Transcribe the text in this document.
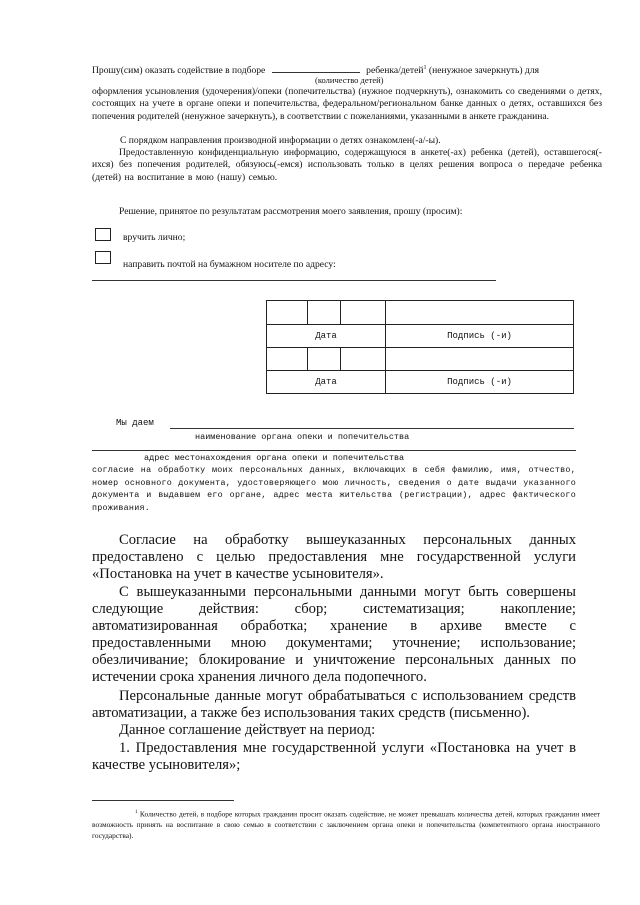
Прошу(сим) оказать содействие в подборе	ребенка/детей$^1$ (ненужное зачеркнуть) для
(количество детей)
оформления усыновления (удочерения)/опеки (попечительства) (нужное подчеркнуть), ознакомить со сведениями о детях, состоящих на учете в органе опеки и попечительства, федеральном/региональном банке данных о детях, оставшихся без попечения родителей (ненужное зачеркнуть), в соответствии с пожеланиями, указанными в анкете гражданина.
С порядком направления производной информации о детях ознакомлен(-а/-ы).
Предоставленную конфиденциальную информацию, содержащуюся в анкете(-ах) ребенка (детей), оставшегося(-ихся) без попечения родителей, обязуюсь(-емся) использовать только в целях решения вопроса о передаче ребенка (детей) на воспитание в мою (нашу) семью.
Решение, принятое по результатам рассмотрения моего заявления, прошу (просим):
вручить лично;
направить почтой на бумажном носителе по адресу:

Дата			Подпись (-и)

Дата			Подпись (-и)
Мы даем
наименование органа опеки и попечительства
адрес местонахождения органа опеки и попечительства
согласие на обработку моих персональных данных, включающих в себя фамилию, имя, отчество, номер основного документа, удостоверяющего мою личность, сведения о дате выдачи указанного документа и выдавшем его органе, адрес места жительства (регистрации), адрес фактического проживания.
Согласие на обработку вышеуказанных персональных данных предоставлено с целью предоставления мне государственной услуги «Постановка на учет в качестве усыновителя».
С вышеуказанными персональными данными могут быть совершены следующие действия: сбор; систематизация; накопление; автоматизированная обработка; хранение в архиве вместе с предоставленными мною документами; уточнение; использование; обезличивание; блокирование и уничтожение персональных данных по истечении срока хранения личного дела подопечного.
Персональные данные могут обрабатываться с использованием средств автоматизации, а также без использования таких средств (письменно).
Данное соглашение действует на период:
1. Предоставления мне государственной услуги «Постановка на учет в качестве усыновителя»;
$^1$ Количество детей, в подборе которых гражданин просит оказать содействие, не может превышать количества детей, которых гражданин имеет возможность принять на воспитание в свою семью в соответствии с заключением органа опеки и попечительства (компетентного органа иностранного государства).
